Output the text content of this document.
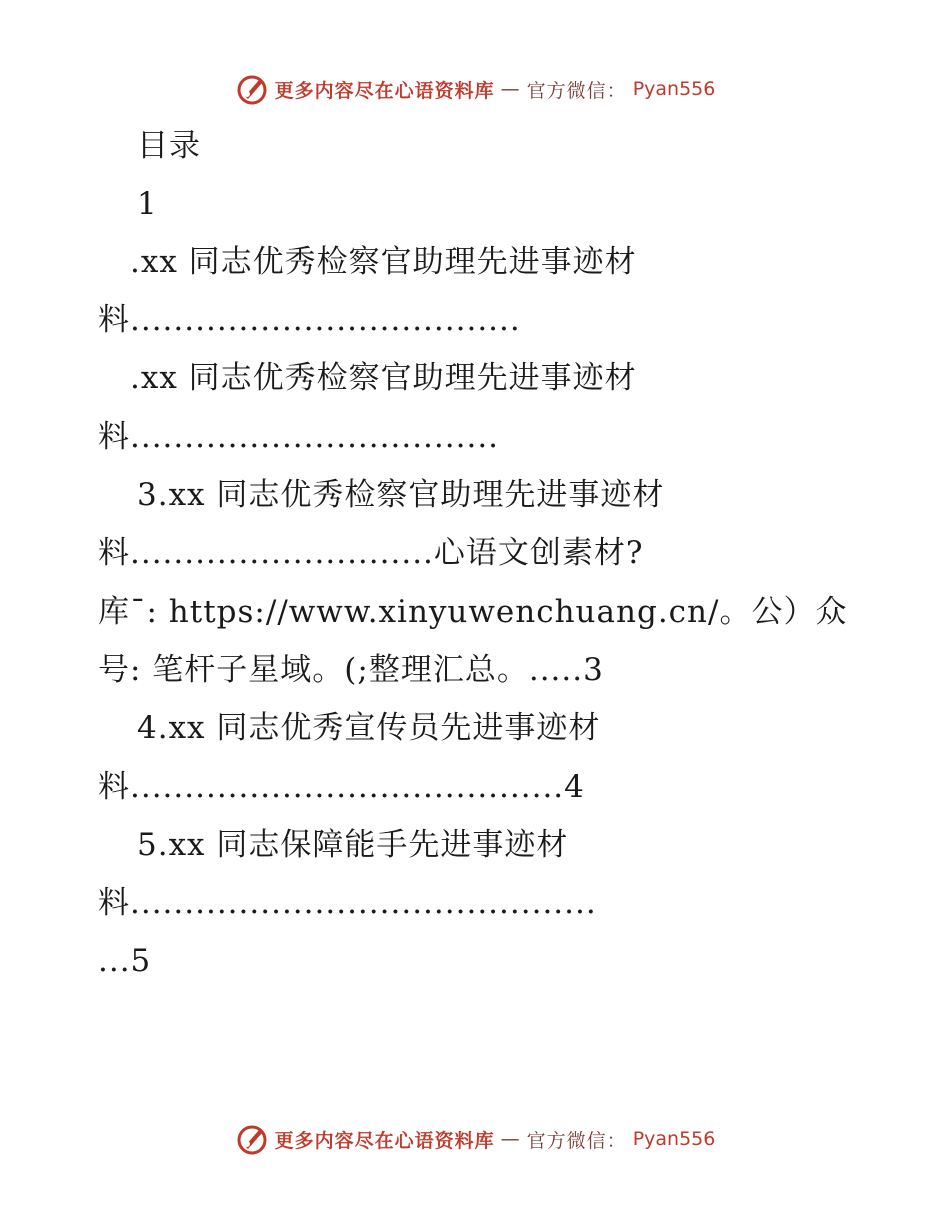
更多内容尽在心语资料库 — 官方微信： Pyan556
目录
1
.xx 同志优秀检察官助理先进事迹材
料....................................
.xx 同志优秀检察官助理先进事迹材
料..................................
3.xx 同志优秀检察官助理先进事迹材
料............................心语文创素材?
库¯: https://www.xinyuwenchuang.cn/。公）众
号: 笔杆子星域。(;整理汇总。.....3
4.xx 同志优秀宣传员先进事迹材
料........................................4
5.xx 同志保障能手先进事迹材
料...........................................
...5
更多内容尽在心语资料库 — 官方微信： Pyan556
